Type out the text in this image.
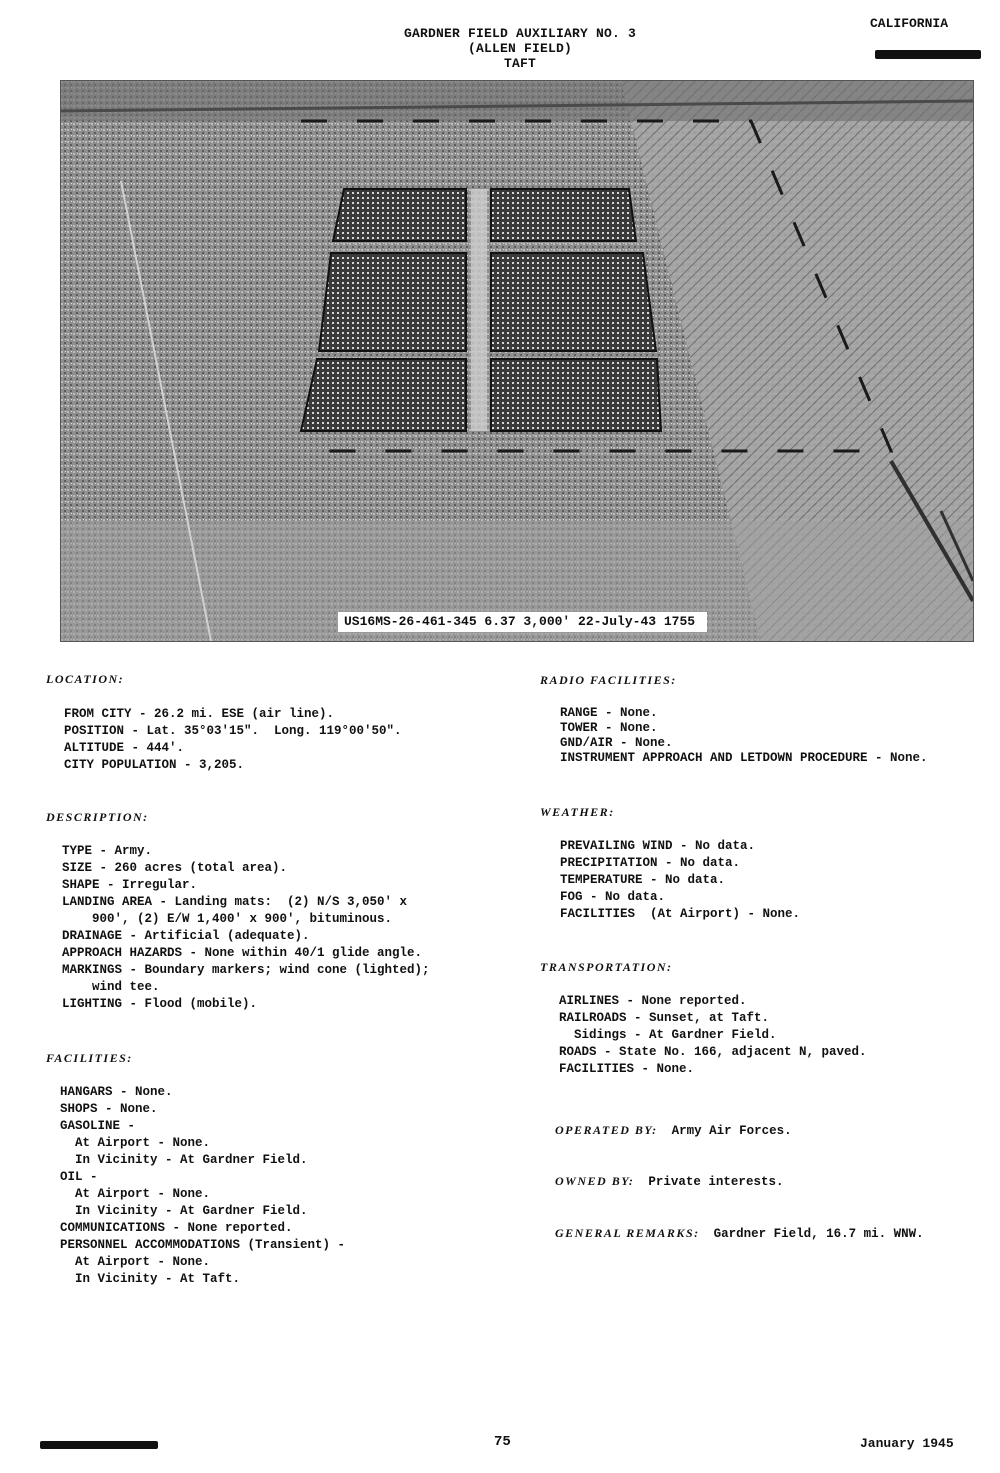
GARDNER FIELD AUXILIARY NO. 3
(ALLEN FIELD)
TAFT
CALIFORNIA
US16MS-26-461-345 6.37 3,000' 22-July-43 1755
LOCATION:
FROM CITY - 26.2 mi. ESE (air line).
POSITION - Lat. 35°03'15".  Long. 119°00'50".
ALTITUDE - 444'.
CITY POPULATION - 3,205.
DESCRIPTION:
TYPE - Army.
SIZE - 260 acres (total area).
SHAPE - Irregular.
LANDING AREA - Landing mats:  (2) N/S 3,050' x
900', (2) E/W 1,400' x 900', bituminous.
DRAINAGE - Artificial (adequate).
APPROACH HAZARDS - None within 40/1 glide angle.
MARKINGS - Boundary markers; wind cone (lighted);
wind tee.
LIGHTING - Flood (mobile).
FACILITIES:
HANGARS - None.
SHOPS - None.
GASOLINE -
At Airport - None.
In Vicinity - At Gardner Field.
OIL -
At Airport - None.
In Vicinity - At Gardner Field.
COMMUNICATIONS - None reported.
PERSONNEL ACCOMMODATIONS (Transient) -
At Airport - None.
In Vicinity - At Taft.
RADIO FACILITIES:
RANGE - None.
TOWER - None.
GND/AIR - None.
INSTRUMENT APPROACH AND LETDOWN PROCEDURE - None.
WEATHER:
PREVAILING WIND - No data.
PRECIPITATION - No data.
TEMPERATURE - No data.
FOG - No data.
FACILITIES  (At Airport) - None.
TRANSPORTATION:
AIRLINES - None reported.
RAILROADS - Sunset, at Taft.
Sidings - At Gardner Field.
ROADS - State No. 166, adjacent N, paved.
FACILITIES - None.

OPERATED BY: Army Air Forces.

OWNED BY: Private interests.

GENERAL REMARKS: Gardner Field, 16.7 mi. WNW.

75	January 1945
